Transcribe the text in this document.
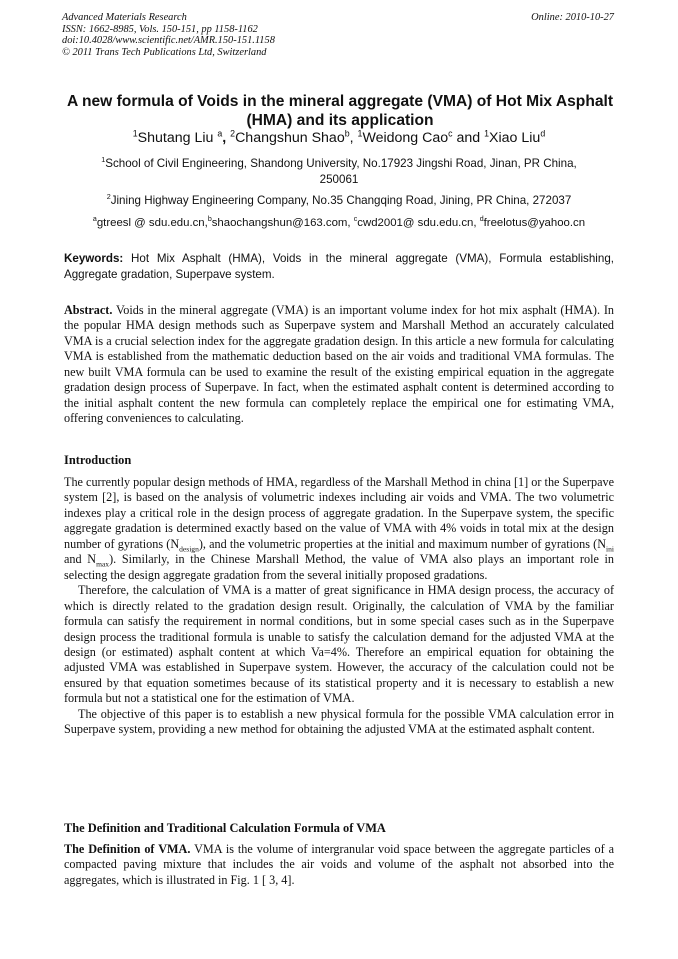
Advanced Materials Research
ISSN: 1662-8985, Vols. 150-151, pp 1158-1162
doi:10.4028/www.scientific.net/AMR.150-151.1158
© 2011 Trans Tech Publications Ltd, Switzerland
Online: 2010-10-27
A new formula of Voids in the mineral aggregate (VMA) of Hot Mix Asphalt
(HMA) and its application
$^1$Shutang Liu $^a$, $^2$Changshun Shao$^b$, $^1$Weidong Cao$^c$ and $^1$Xiao Liu$^d$
$^1$School of Civil Engineering, Shandong University, No.17923 Jingshi Road, Jinan, PR China,
250061
$^2$Jining Highway Engineering Company, No.35 Changqing Road, Jining, PR China, 272037
$^a$gtreesl @ sdu.edu.cn,$^b$shaochangshun@163.com, $^c$cwd2001@ sdu.edu.cn, $^d$freelotus@yahoo.cn
Keywords: Hot Mix Asphalt (HMA), Voids in the mineral aggregate (VMA), Formula establishing, Aggregate gradation, Superpave system.

Abstract. Voids in the mineral aggregate (VMA) is an important volume index for hot mix asphalt (HMA). In the popular HMA design methods such as Superpave system and Marshall Method an accurately calculated VMA is a crucial selection index for the aggregate gradation design. In this article a new formula for calculating VMA is established from the mathematic deduction based on the air voids and traditional VMA formulas. The new built VMA formula can be used to examine the result of the existing empirical equation in the aggregate gradation design process of Superpave. In fact, when the estimated asphalt content is determined according to the initial asphalt content the new formula can completely replace the empirical one for estimating VMA, offering conveniences to calculating.

Introduction

The currently popular design methods of HMA, regardless of the Marshall Method in china [1] or the Superpave system [2], is based on the analysis of volumetric indexes including air voids and VMA. The two volumetric indexes play a critical role in the design process of aggregate gradation. In the Superpave system, the specific aggregate gradation is determined exactly based on the value of VMA with 4% voids in total mix at the design number of gyrations $(N_{design})$, and the volumetric properties at the initial and maximum number of gyrations ($N_{ini}$ and $N_{max}$). Similarly, in the Chinese Marshall Method, the value of VMA also plays an important role in selecting the design aggregate gradation from the several initially proposed gradations.

Therefore, the calculation of VMA is a matter of great significance in HMA design process, the accuracy of which is directly related to the gradation design result. Originally, the calculation of VMA by the familiar formula can satisfy the requirement in normal conditions, but in some special cases such as in the Superpave design process the traditional formula is unable to satisfy the calculation demand for the adjusted VMA at the design (or estimated) asphalt content at which Va=4%. Therefore an empirical equation for obtaining the adjusted VMA was established in Superpave system. However, the accuracy of the calculation could not be ensured by that equation sometimes because of its statistical property and it is necessary to establish a new formula but not a statistical one for the estimation of VMA.

The objective of this paper is to establish a new physical formula for the possible VMA calculation error in Superpave system, providing a new method for obtaining the adjusted VMA at the estimated asphalt content.

The Definition and Traditional Calculation Formula of VMA

The Definition of VMA. VMA is the volume of intergranular void space between the aggregate particles of a compacted paving mixture that includes the air voids and volume of the asphalt not absorbed into the aggregates, which is illustrated in Fig. 1 [ 3, 4].
